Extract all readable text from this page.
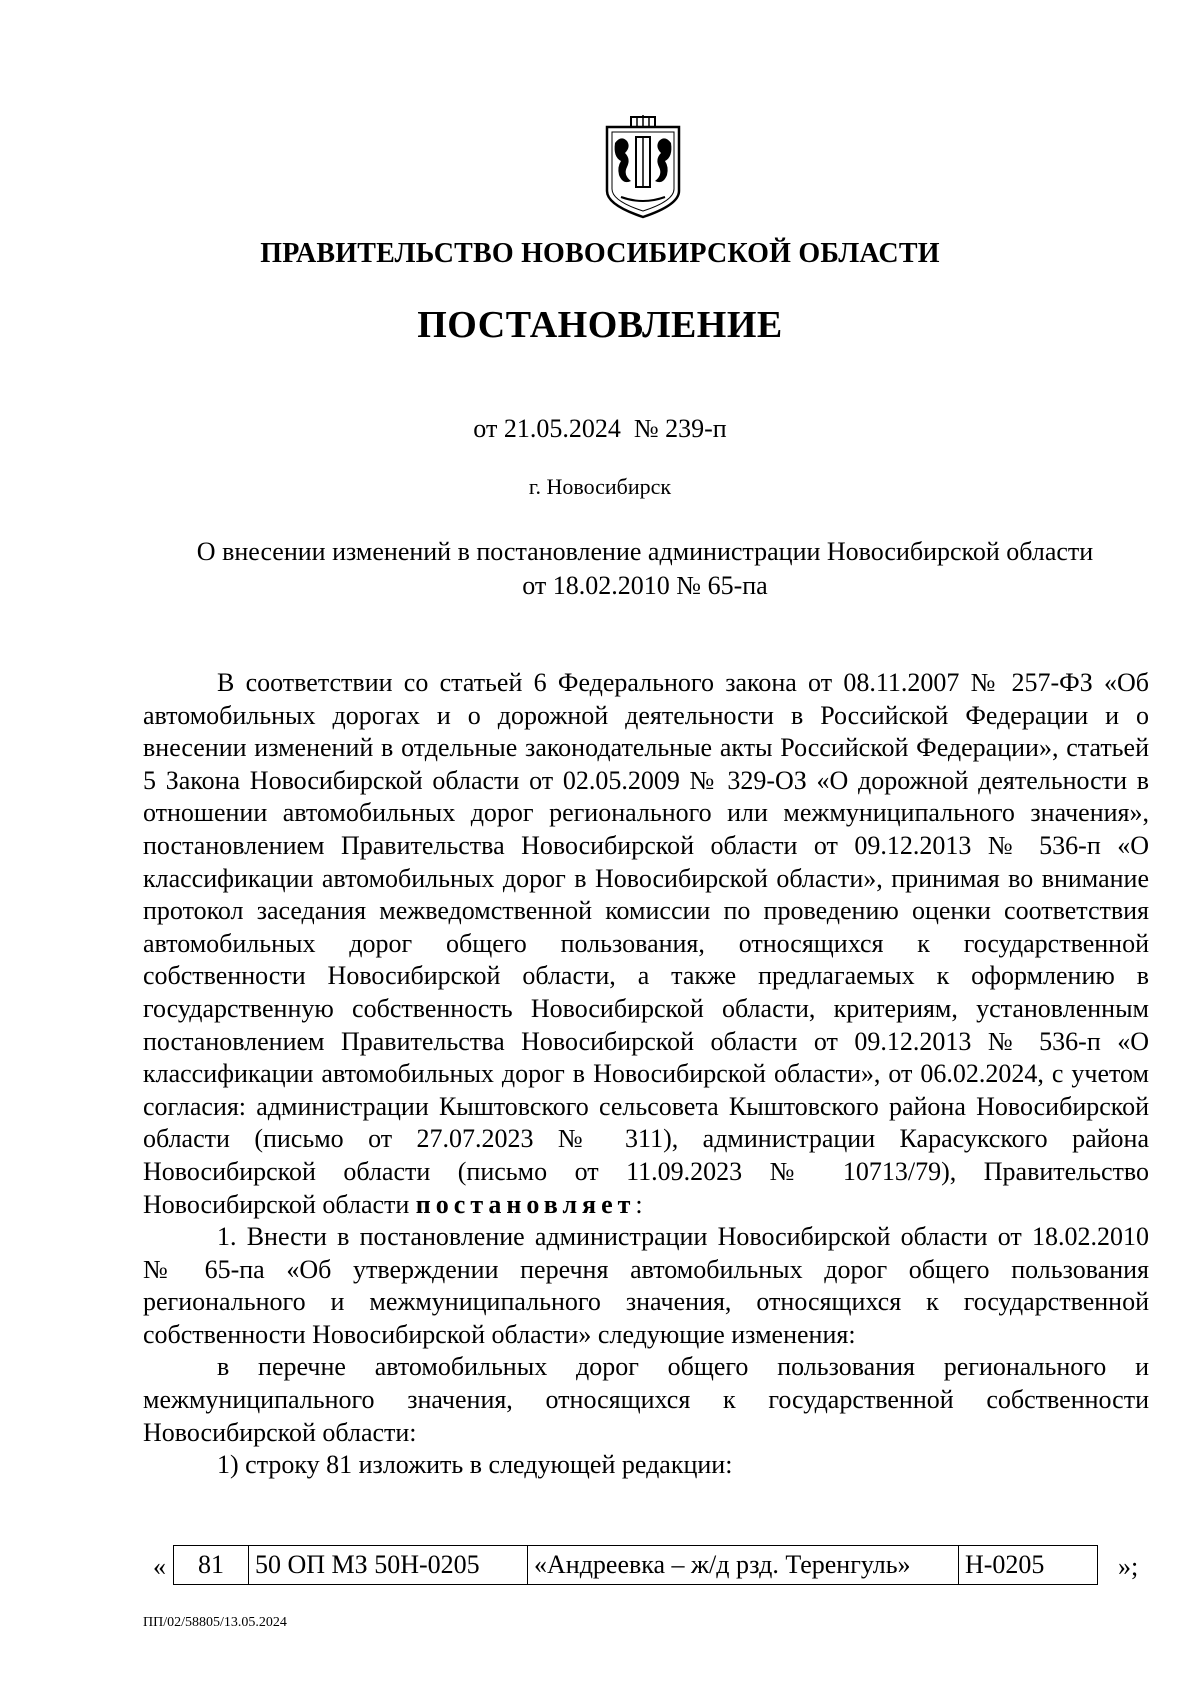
ПРАВИТЕЛЬСТВО НОВОСИБИРСКОЙ ОБЛАСТИ
ПОСТАНОВЛЕНИЕ
от 21.05.2024  № 239-п
г. Новосибирск
О внесении изменений в постановление администрации Новосибирской области
от 18.02.2010 № 65-па

В соответствии со статьей 6 Федерального закона от 08.11.2007 № 257-ФЗ «Об автомобильных дорогах и о дорожной деятельности в Российской Федерации и о внесении изменений в отдельные законодательные акты Российской Федерации», статьей 5 Закона Новосибирской области от 02.05.2009 № 329-ОЗ «О дорожной деятельности в отношении автомобильных дорог регионального или межмуниципального значения», постановлением Правительства Новосибирской области от 09.12.2013 № 536-п «О классификации автомобильных дорог в Новосибирской области», принимая во внимание протокол заседания межведомственной комиссии по проведению оценки соответствия автомобильных дорог общего пользования, относящихся к государственной собственности Новосибирской области, а также предлагаемых к оформлению в государственную собственность Новосибирской области, критериям, установленным постановлением Правительства Новосибирской области от 09.12.2013 № 536-п «О классификации автомобильных дорог в Новосибирской области», от 06.02.2024, с учетом согласия: администрации Кыштовского сельсовета Кыштовского района Новосибирской области (письмо от 27.07.2023 № 311), администрации Карасукского района Новосибирской области (письмо от 11.09.2023 № 10713/79), Правительство Новосибирской области постановляет:

1. Внести в постановление администрации Новосибирской области от 18.02.2010 № 65-па «Об утверждении перечня автомобильных дорог общего пользования регионального и межмуниципального значения, относящихся к государственной собственности Новосибирской области» следующие изменения:

в перечне автомобильных дорог общего пользования регионального и межмуниципального значения, относящихся к государственной собственности Новосибирской области:

1) строку 81 изложить в следующей редакции:

« 81	50 ОП МЗ 50Н-0205	«Андреевка – ж/д рзд. Теренгуль»	Н-0205	»;
ПП/02/58805/13.05.2024
